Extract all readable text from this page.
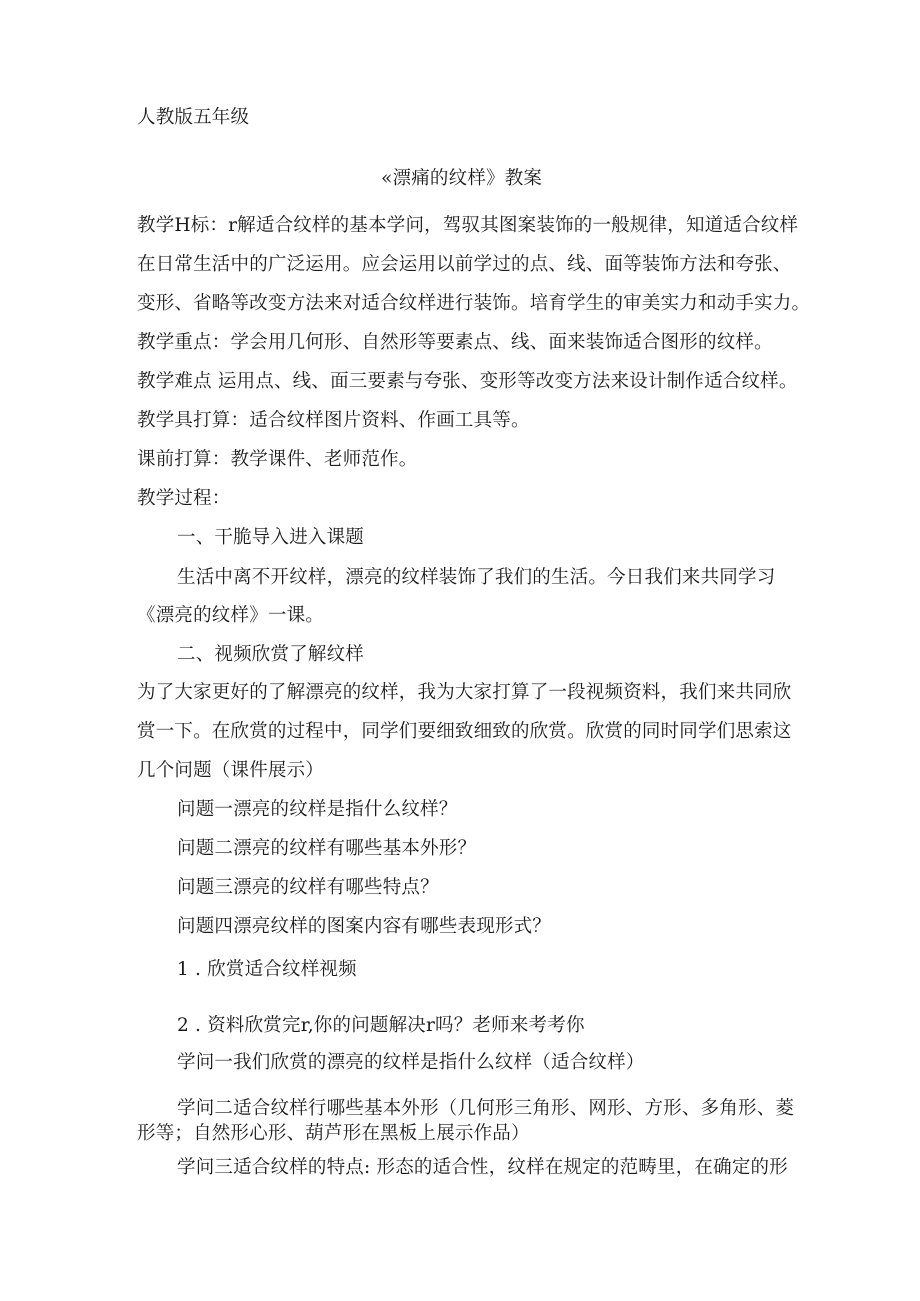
人教版五年级
«漂痛的纹样》教案
教学H标：r解适合纹样的基本学问，驾驭其图案装饰的一般规律，知道适合纹样
在日常生活中的广泛运用。应会运用以前学过的点、线、面等装饰方法和夸张、
变形、省略等改变方法来对适合纹样进行装饰。培育学生的审美实力和动手实力。
教学重点：学会用几何形、自然形等要素点、线、面来装饰适合图形的纹样。
教学难点 运用点、线、面三要素与夸张、变形等改变方法来设计制作适合纹样。
教学具打算：适合纹样图片资料、作画工具等。
课前打算：教学课件、老师范作。
教学过程：
一、干脆导入进入课题
生活中离不开纹样，漂亮的纹样装饰了我们的生活。今日我们来共同学习
《漂亮的纹样》一课。
二、视频欣赏了解纹样
为了大家更好的了解漂亮的纹样，我为大家打算了一段视频资料，我们来共同欣
赏一下。在欣赏的过程中，同学们要细致细致的欣赏。欣赏的同时同学们思索这
几个问题（课件展示）
问题一漂亮的纹样是指什么纹样？
问题二漂亮的纹样有哪些基本外形？
问题三漂亮的纹样有哪些特点？
问题四漂亮纹样的图案内容有哪些表现形式？
1 . 欣赏适合纹样视频
2 . 资料欣赏完r,你的问题解决r吗？老师来考考你
学问一我们欣赏的漂亮的纹样是指什么纹样（适合纹样）
学问二适合纹样行哪些基本外形（几何形三角形、网形、方形、多角形、菱
形等；自然形心形、葫芦形在黑板上展示作品）
学问三适合纹样的特点: 形态的适合性，纹样在规定的范畴里，在确定的形
